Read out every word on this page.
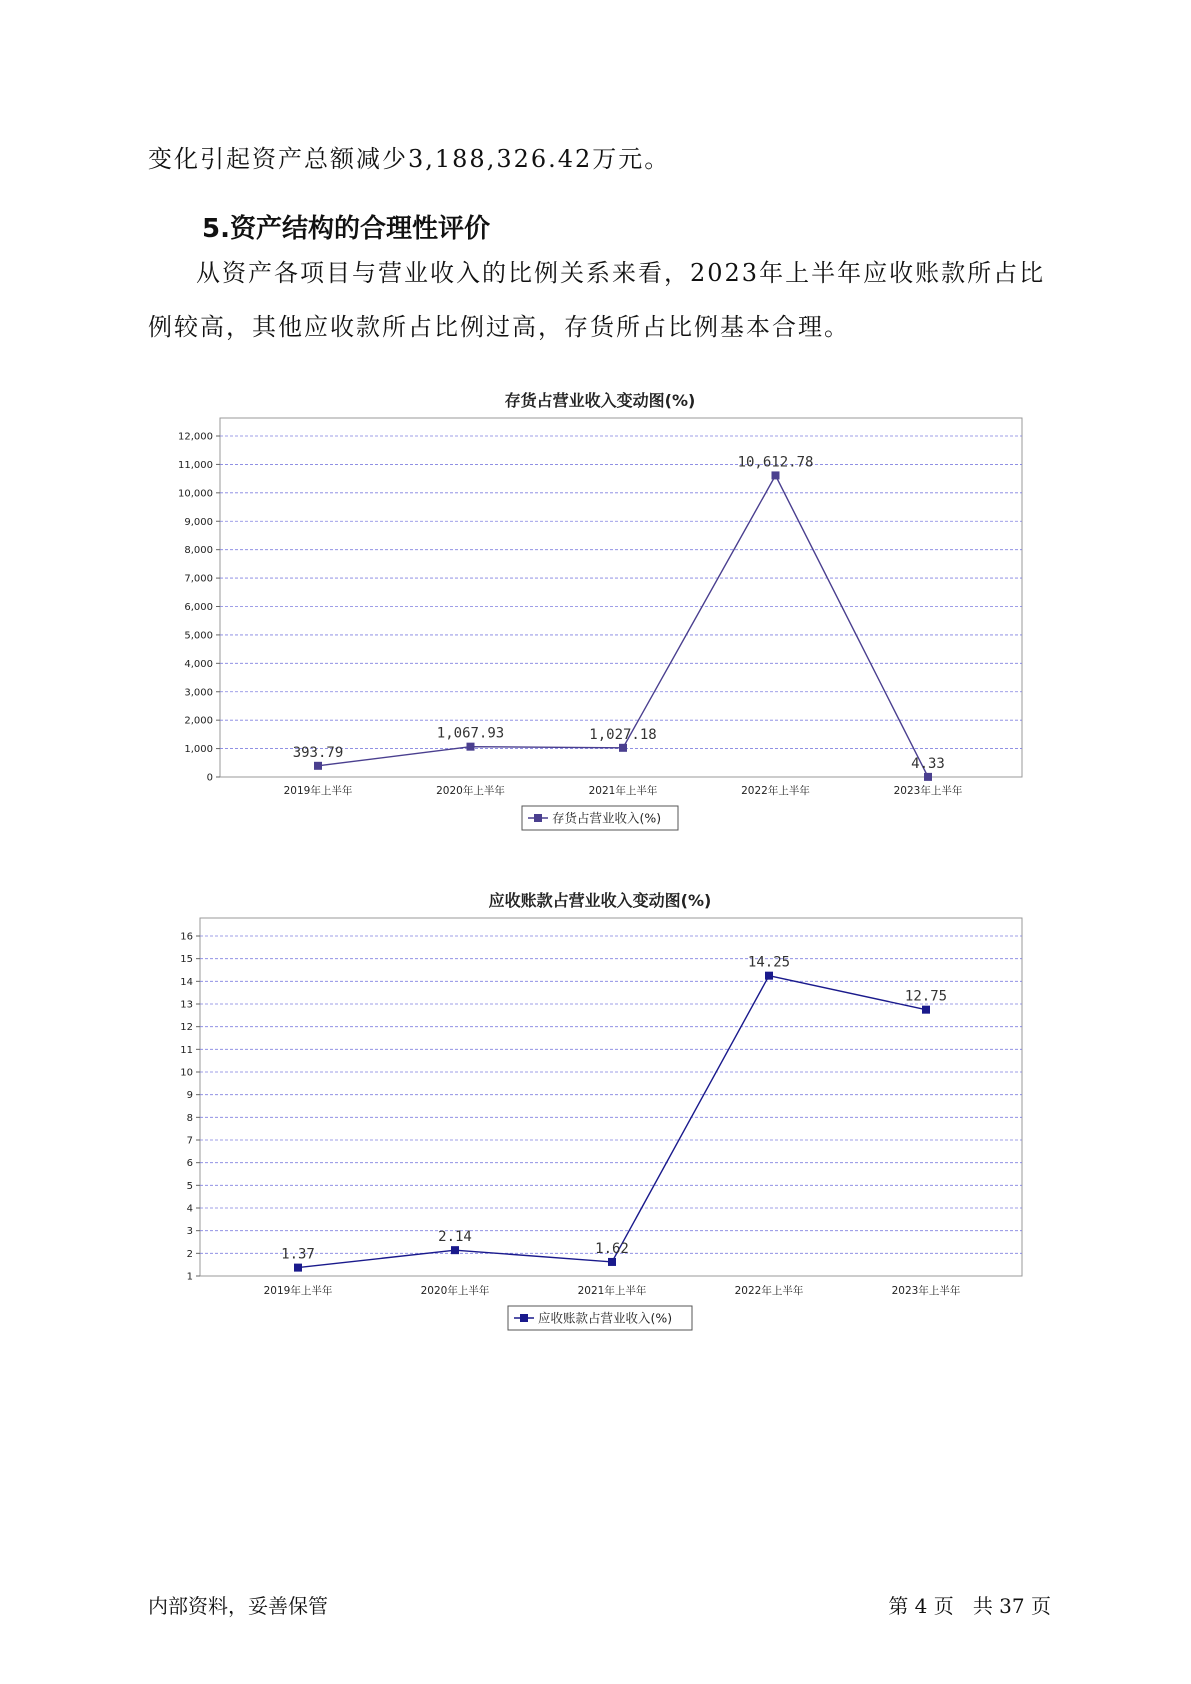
变化引起资产总额减少3,188,326.42万元。

5.资产结构的合理性评价

从资产各项目与营业收入的比例关系来看，2023年上半年应收账款所占比例较高，其他应收款所占比例过高，存货所占比例基本合理。

存货占营业收入变动图(%)
应收账款占营业收入变动图(%)
0
1,000
2,000
3,000
4,000
5,000
6,000
7,000
8,000
9,000
10,000
11,000
12,000
2019年上半年	2020年上半年	2021年上半年	2022年上半年	2023年上半年
393.79
1,067.93	1,027.18
10,612.78
4.33
存货占营业收入(%)
1
2
3
4
5
6
7
8
9
10
11
12
13
14
15
16
2019年上半年	2020年上半年	2021年上半年	2022年上半年	2023年上半年
1.37
2.14
1.62
14.25
12.75
应收账款占营业收入(%)
内部资料，妥善保管	第 4 页   共 37 页
